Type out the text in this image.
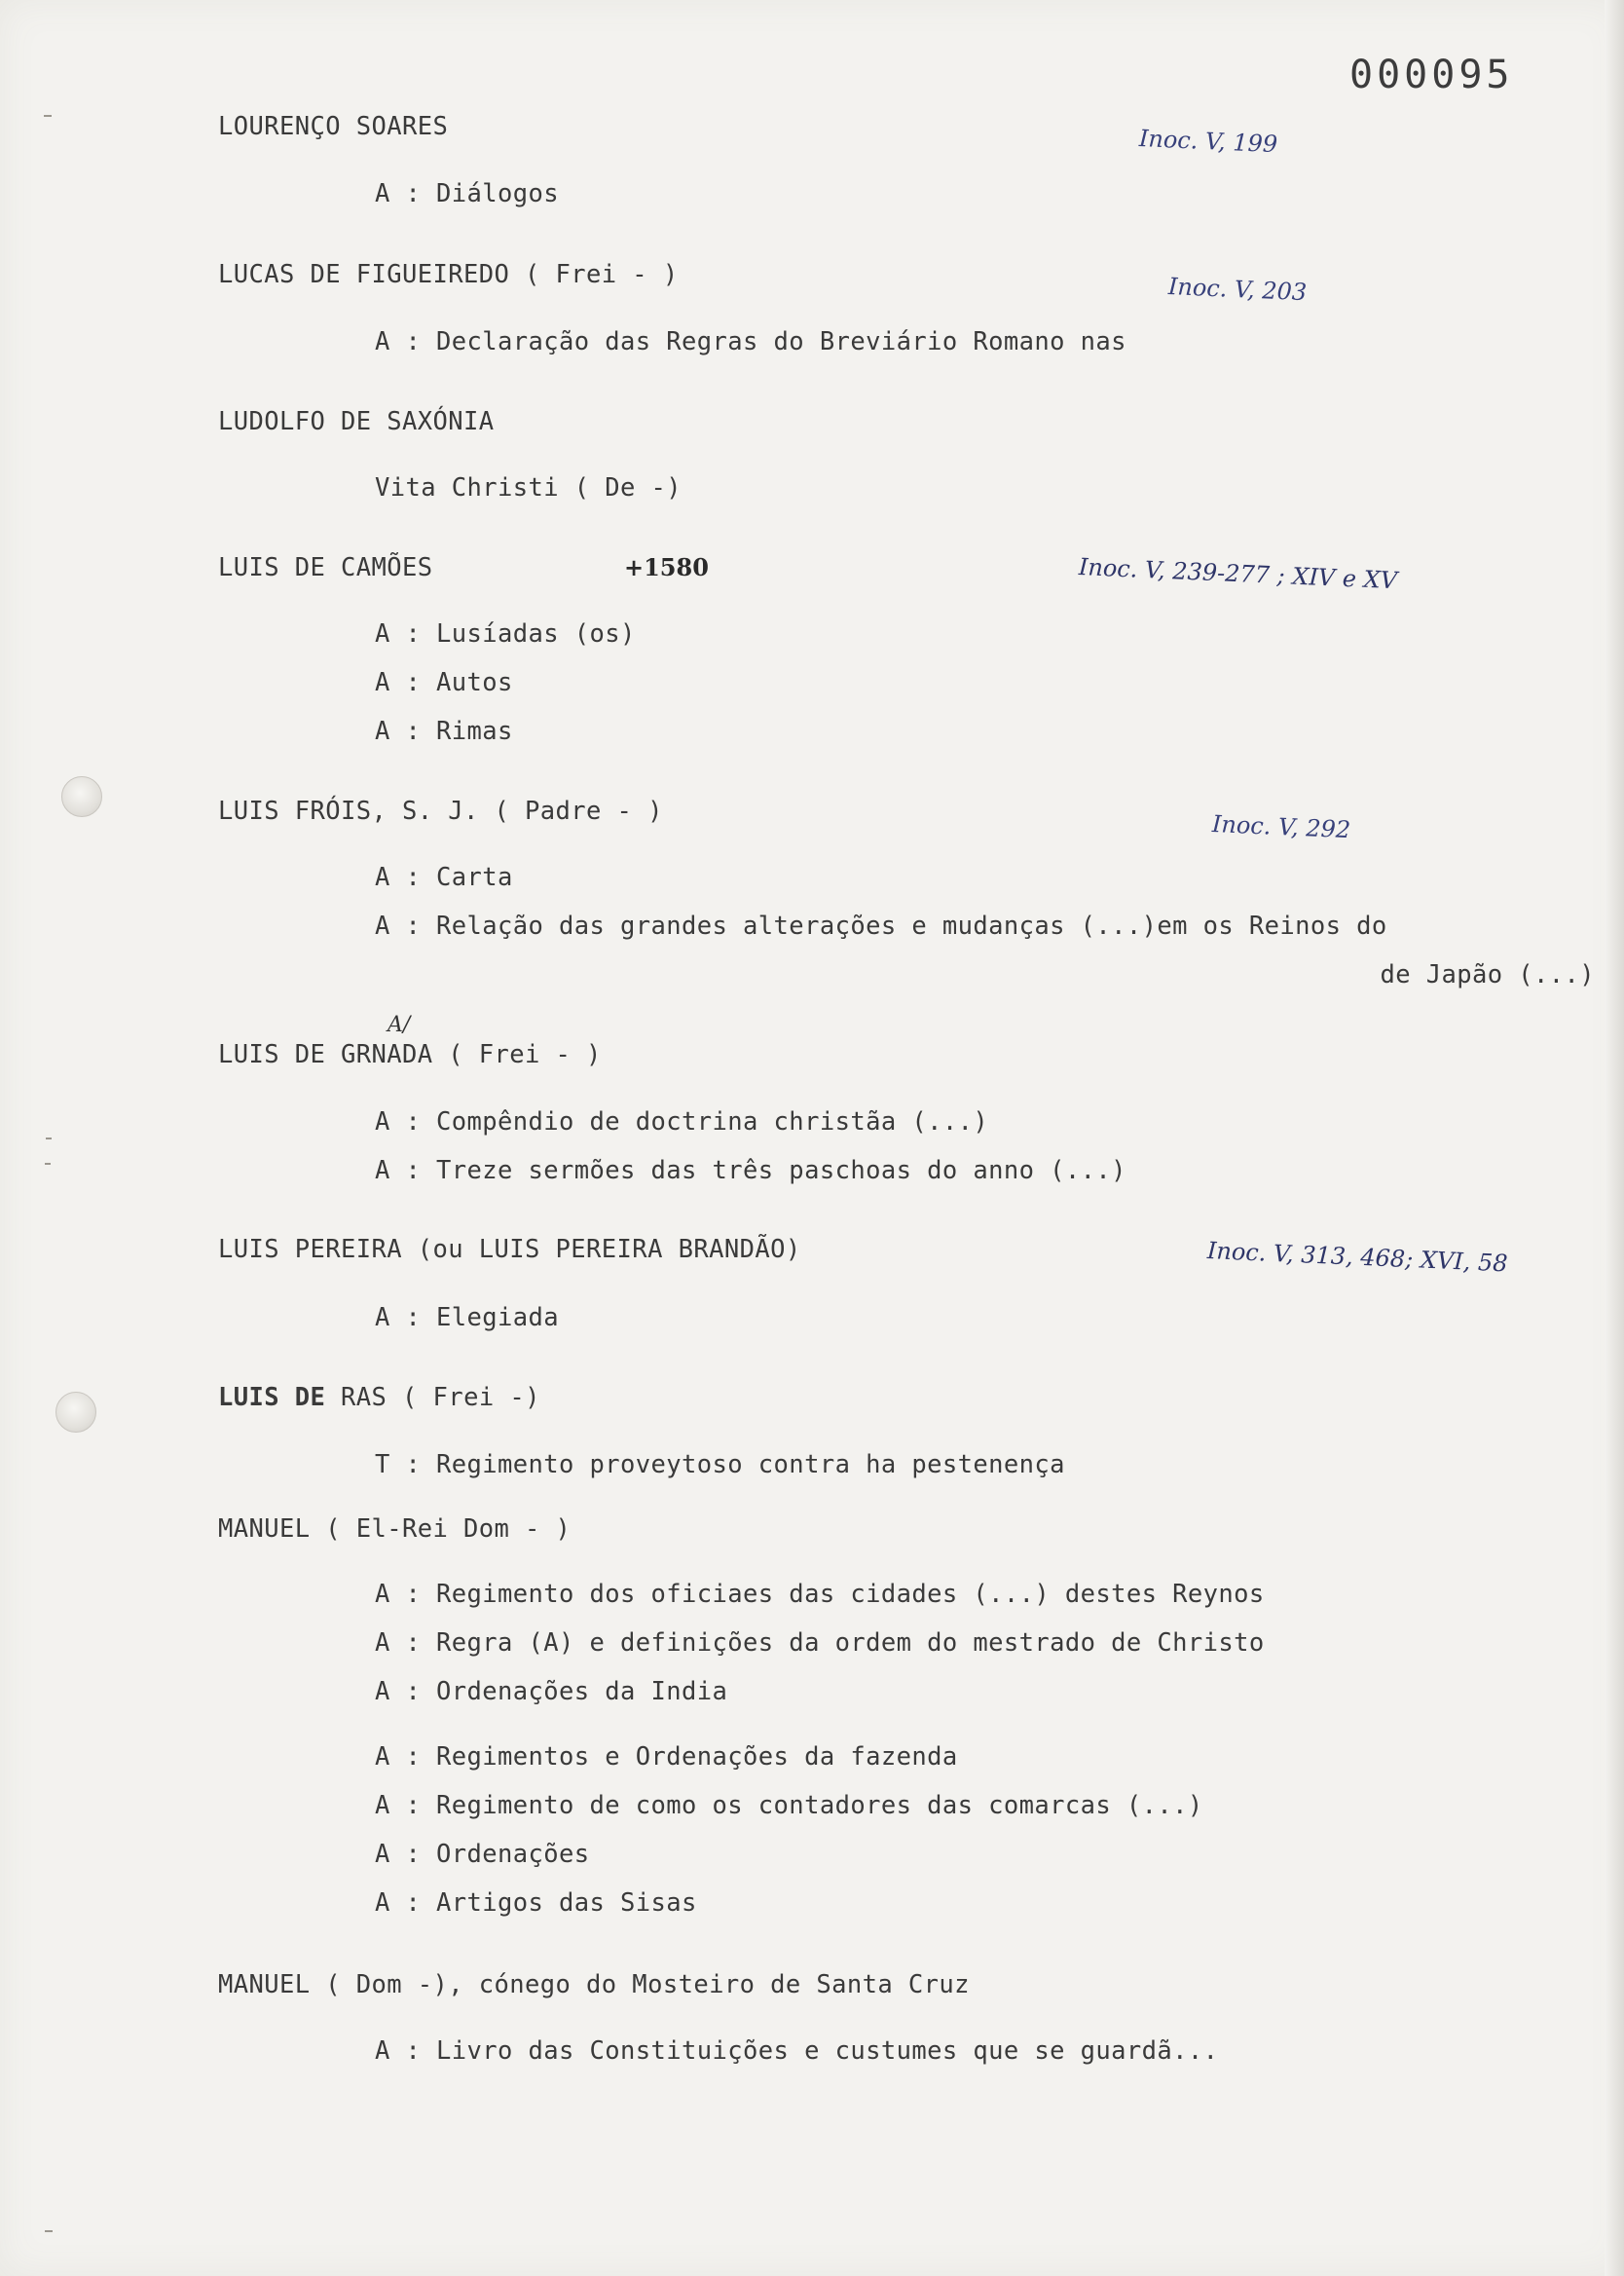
000095
LOURENÇO SOARES	Inoc. V, 199
A : Diálogos
LUCAS DE FIGUEIREDO ( Frei - )	Inoc. V, 203
A : Declaração das Regras do Breviário Romano nas
LUDOLFO DE SAXÓNIA
Vita Christi ( De -)
LUIS DE CAMÕES	+1580	Inoc. V, 239-277 ; XIV e XV
A : Lusíadas (os)
A : Autos
A : Rimas
LUIS FRÓIS, S. J. ( Padre - )	Inoc. V, 292
A : Carta
A : Relação das grandes alterações e mudanças (...)em os Reinos do
de Japão (...)
A/
LUIS DE GRNADA ( Frei - )
A : Compêndio de doctrina christãa (...)
A : Treze sermões das três paschoas do anno (...)
LUIS PEREIRA (ou LUIS PEREIRA BRANDÃO)	Inoc. V, 313, 468; XVI, 58
A : Elegiada
LUIS DE RAS ( Frei -)
T : Regimento proveytoso contra ha pestenença
MANUEL ( El-Rei Dom - )
A : Regimento dos oficiaes das cidades (...) destes Reynos
A : Regra (A) e definições da ordem do mestrado de Christo
A : Ordenações da India
A : Regimentos e Ordenações da fazenda
A : Regimento de como os contadores das comarcas (...)
A : Ordenações
A : Artigos das Sisas
MANUEL ( Dom -), cónego do Mosteiro de Santa Cruz
A : Livro das Constituições e custumes que se guardã...
